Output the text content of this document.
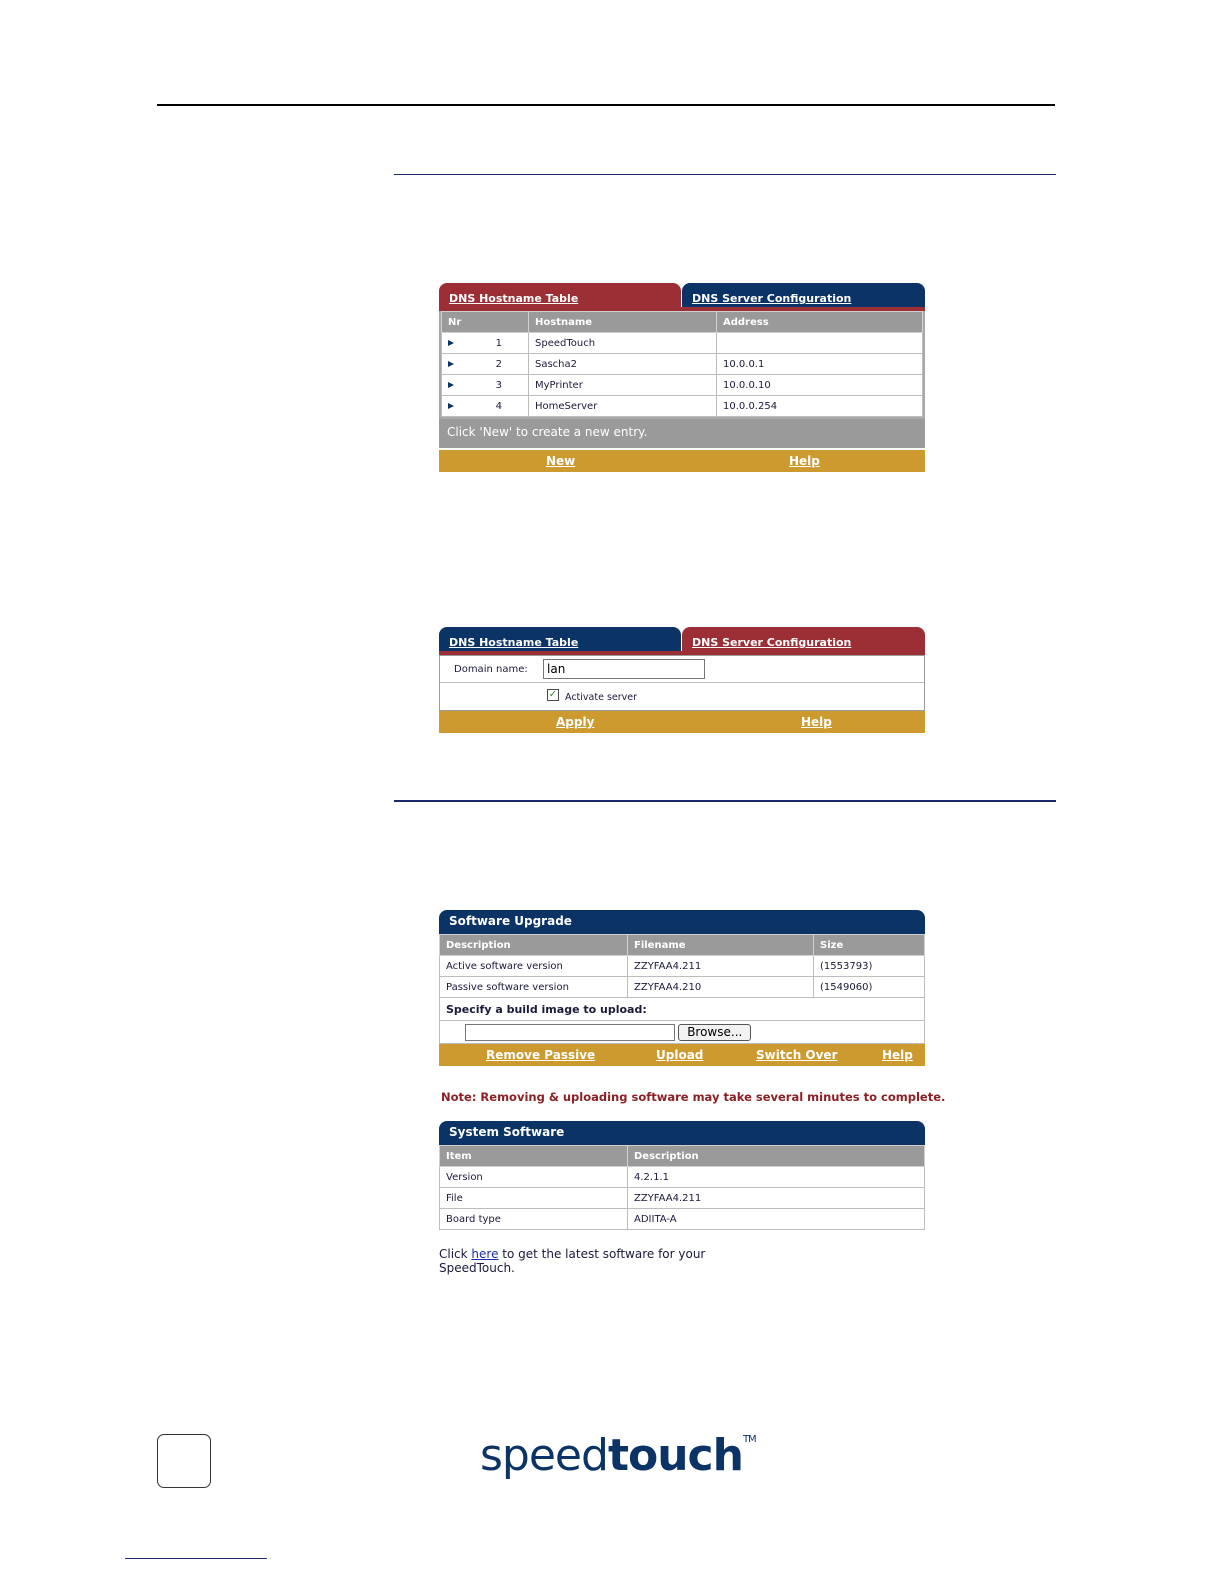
DNS Hostname Table	DNS Server Configuration
Nr	Hostname	Address

1	SpeedTouch	

2	Sascha2	10.0.0.1

3	MyPrinter	10.0.0.10

4	HomeServer	10.0.0.254
Click 'New' to create a new entry.
New	Help
DNS Hostname Table	DNS Server Configuration
Domain name:
lan
✓ Activate server
Apply	Help
Software Upgrade
Description	Filename	Size
Active software version	ZZYFAA4.211	(1553793)
Passive software version	ZZYFAA4.210	(1549060)
Specify a build image to upload:		
Browse...		
Remove Passive	Upload	Switch Over	Help
Note: Removing & uploading software may take several minutes to complete.
System Software
Item	Description
Version	4.2.1.1
File	ZZYFAA4.211
Board type	ADIITA-A
Click here to get the latest software for your
SpeedTouch.
speedtouch™
